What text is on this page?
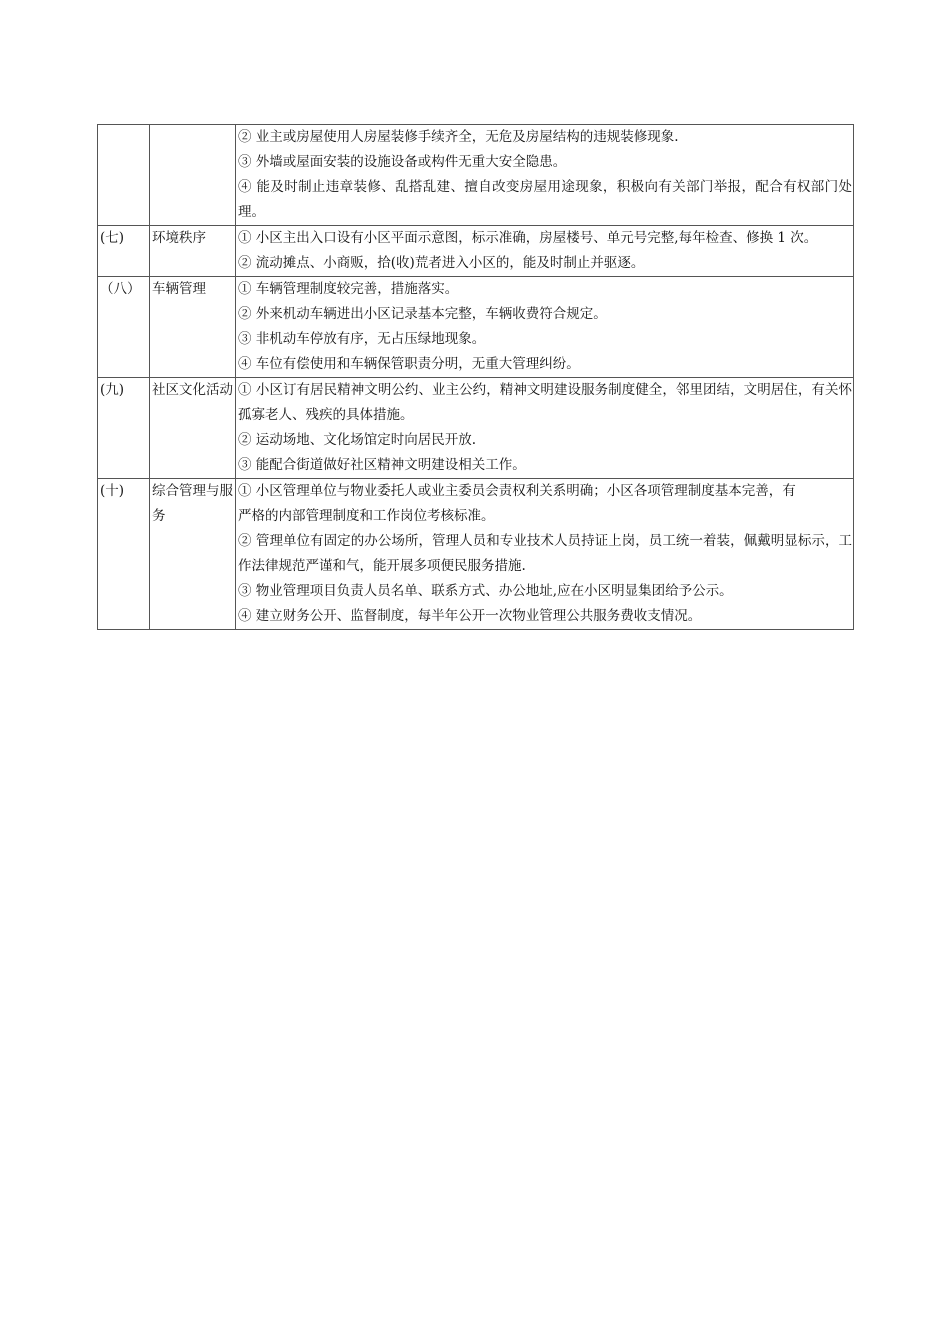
		② 业主或房屋使用人房屋装修手续齐全，无危及房屋结构的违规装修现象.
③ 外墙或屋面安装的设施设备或构件无重大安全隐患。
④ 能及时制止违章装修、乱搭乱建、擅自改变房屋用途现象，积极向有关部门举报，配合有权部门处理。

(七)	环境秩序	① 小区主出入口设有小区平面示意图，标示准确，房屋楼号、单元号完整,每年检查、修换 1 次。
② 流动摊点、小商贩，拾(收)荒者进入小区的，能及时制止并驱逐。

（八）	车辆管理	① 车辆管理制度较完善，措施落实。
② 外来机动车辆进出小区记录基本完整，车辆收费符合规定。
③ 非机动车停放有序，无占压绿地现象。
④ 车位有偿使用和车辆保管职责分明，无重大管理纠纷。

(九)	社区文化活动	① 小区订有居民精神文明公约、业主公约，精神文明建设服务制度健全，邻里团结，文明居住，有关怀孤寡老人、残疾的具体措施。
② 运动场地、文化场馆定时向居民开放.
③ 能配合街道做好社区精神文明建设相关工作。

(十)	综合管理与服务	① 小区管理单位与物业委托人或业主委员会责权利关系明确；小区各项管理制度基本完善，有
严格的内部管理制度和工作岗位考核标准。
② 管理单位有固定的办公场所，管理人员和专业技术人员持证上岗，员工统一着装，佩戴明显标示，工作法律规范严谨和气，能开展多项便民服务措施.
③ 物业管理项目负责人员名单、联系方式、办公地址,应在小区明显集团给予公示。
④ 建立财务公开、监督制度，每半年公开一次物业管理公共服务费收支情况。
